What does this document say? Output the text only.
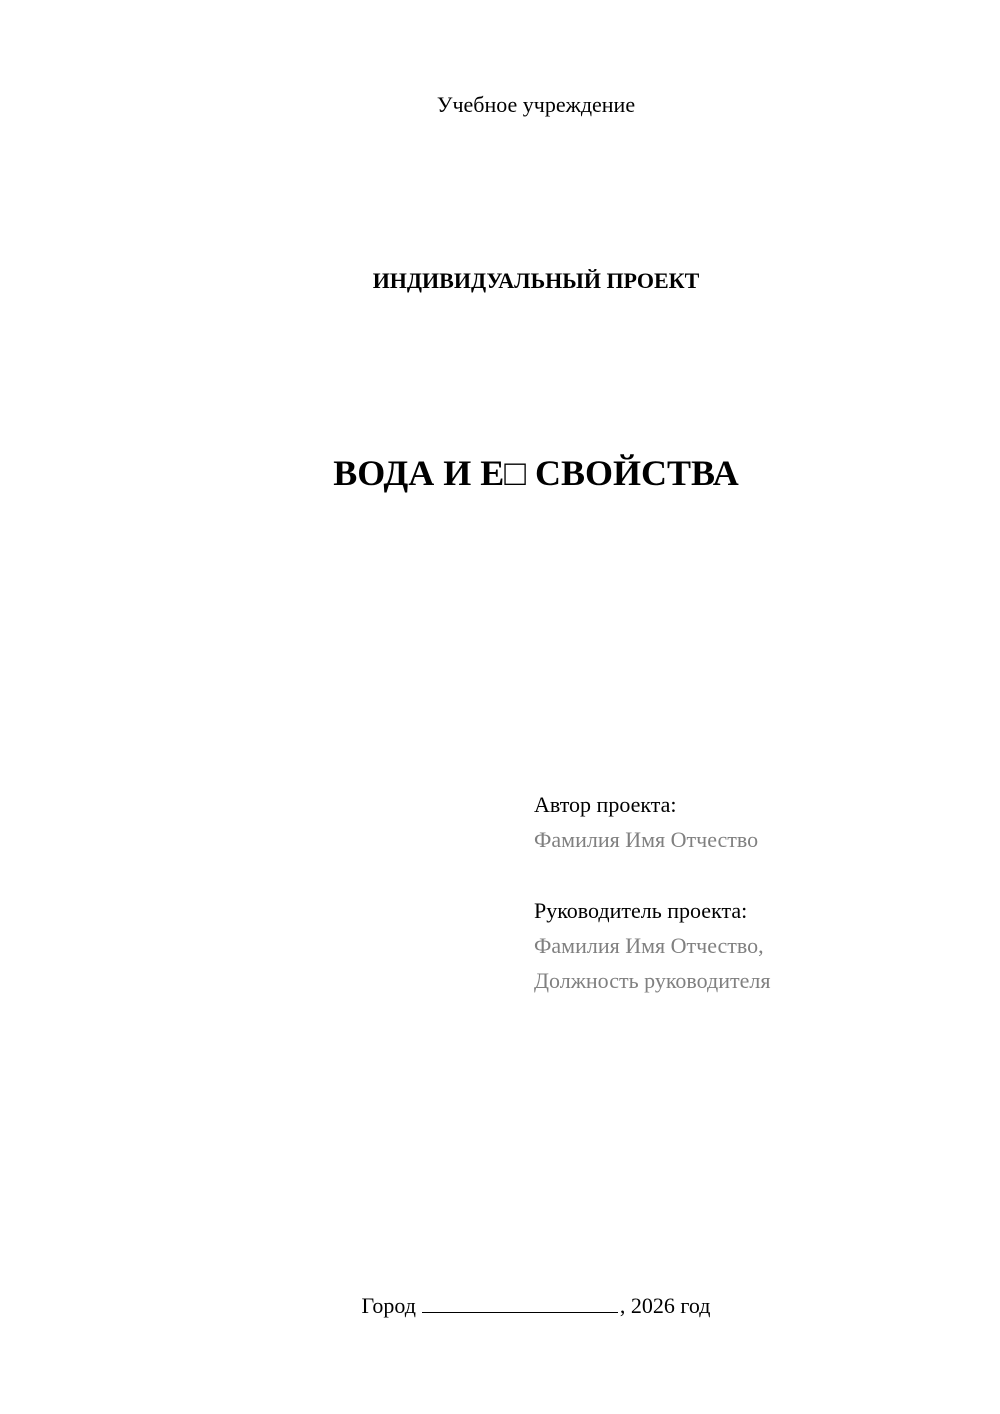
Учебное учреждение
ИНДИВИДУАЛЬНЫЙ ПРОЕКТ
ВОДА И Е□ СВОЙСТВА
Автор проекта:
Фамилия Имя Отчество
Руководитель проекта:
Фамилия Имя Отчество,
Должность руководителя
Город	, 2026 год
